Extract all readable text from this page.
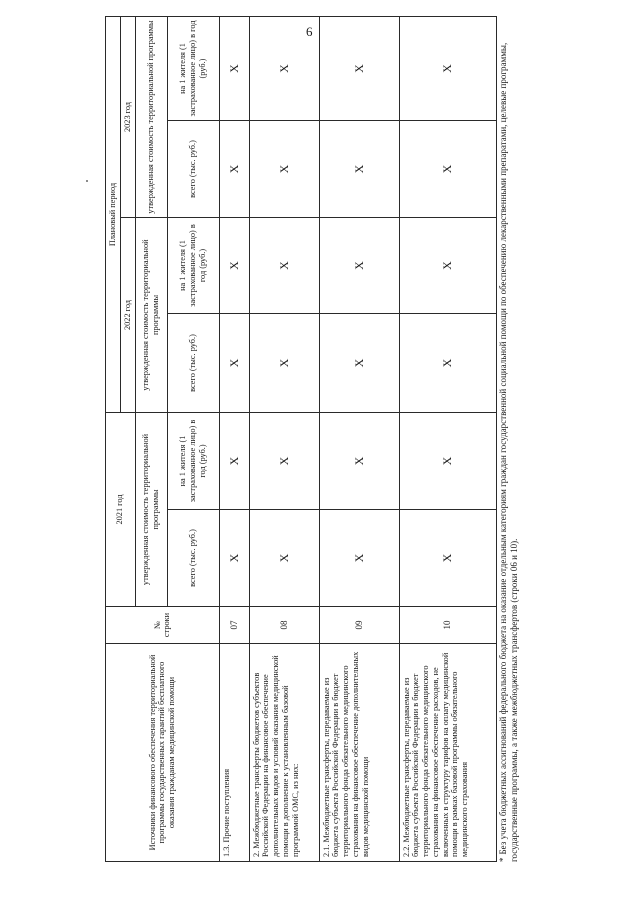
6
Источники финансового обеспечения территориальной программы государственных гарантий бесплатного оказания гражданам медицинской помощи	№ строки	2021 год		Плановый период			
				2022 год		2023 год	
		утвержденная стоимость территориальной программы		утвержденная стоимость территориальной программы		утвержденная стоимость территориальной программы	
		всего (тыс. руб.)	на 1 жителя (1 застрахованное лицо) в год (руб.)	всего (тыс. руб.)	на 1 жителя (1 застрахованное лицо) в год (руб.)	всего (тыс. руб.)	на 1 жителя (1 застрахованное лицо) в год (руб.)
1.3. Прочие поступления	07	Х	Х	Х	Х	Х	Х
2. Межбюджетные трансферты бюджетов субъектов Российской Федерации на финансовое обеспечение дополнительных видов и условий оказания медицинской помощи в дополнение к установленным базовой программой ОМС, из них:	08	Х	Х	Х	Х	Х	Х
2.1. Межбюджетные трансферты, передаваемые из бюджета субъекта Российской Федерации в бюджет территориального фонда обязательного медицинского страхования на финансовое обеспечение дополнительных видов медицинской помощи	09	Х	Х	Х	Х	Х	Х
2.2. Межбюджетные трансферты, передаваемые из бюджета субъекта Российской Федерации в бюджет территориального фонда обязательного медицинского страхования на финансовое обеспечение расходов, не включенных в структуру тарифов на оплату медицинской помощи в рамках базовой программы обязательного медицинского страхования	10	Х	Х	Х	Х	Х	Х
*Без учета бюджетных ассигнований федерального бюджета на оказание отдельным категориям граждан государственной социальной помощи по обеспечению лекарственными препаратами, целевые программы, государственные программы, а также межбюджетных трансфертов (строки 06 и 10).
